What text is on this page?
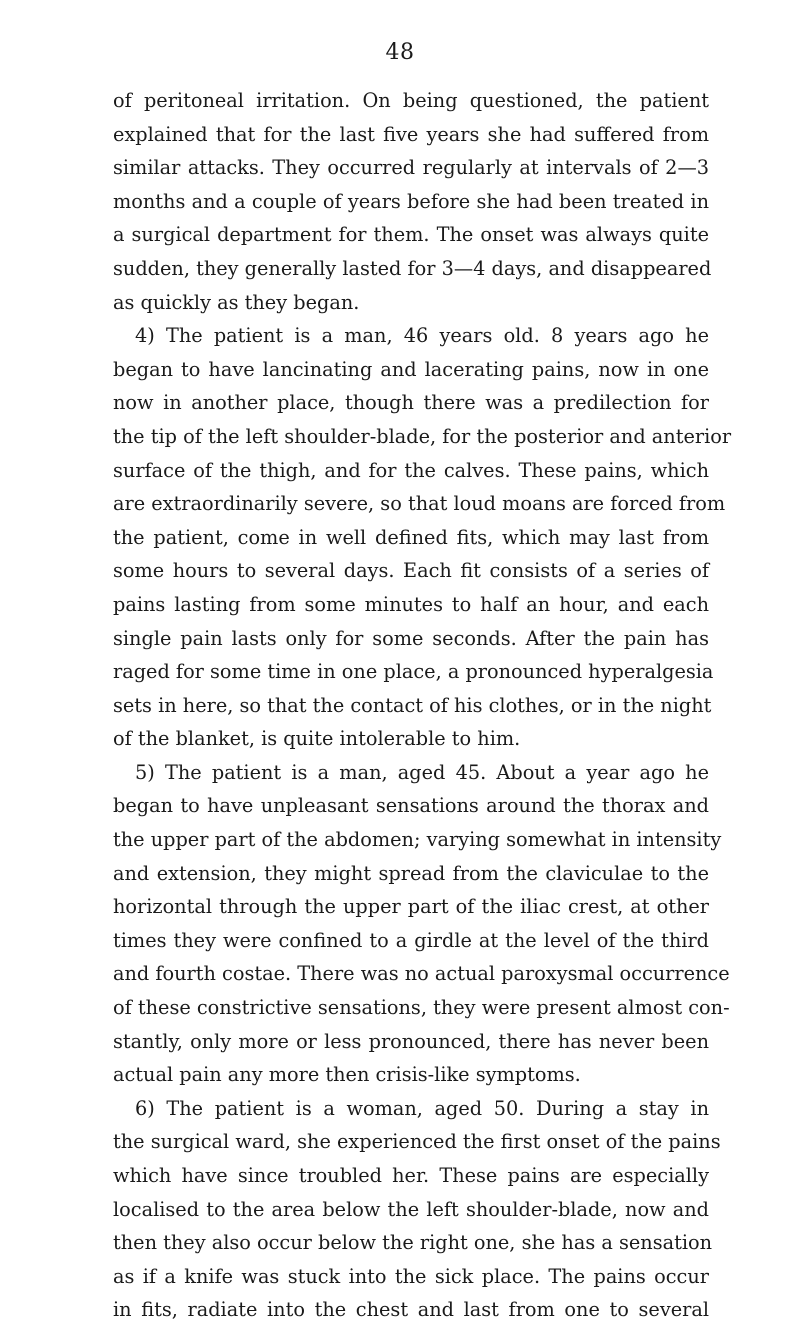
48
of peritoneal irritation. On being questioned, the patient
explained that for the last five years she had suffered from
similar attacks. They occurred regularly at intervals of 2—3
months and a couple of years before she had been treated in
a surgical department for them. The onset was always quite
sudden, they generally lasted for 3—4 days, and disappeared
as quickly as they began.
4) The patient is a man, 46 years old. 8 years ago he
began to have lancinating and lacerating pains, now in one
now in another place, though there was a predilection for
the tip of the left shoulder-blade, for the posterior and anterior
surface of the thigh, and for the calves. These pains, which
are extraordinarily severe, so that loud moans are forced from
the patient, come in well defined fits, which may last from
some hours to several days. Each fit consists of a series of
pains lasting from some minutes to half an hour, and each
single pain lasts only for some seconds. After the pain has
raged for some time in one place, a pronounced hyperalgesia
sets in here, so that the contact of his clothes, or in the night
of the blanket, is quite intolerable to him.
5) The patient is a man, aged 45. About a year ago he
began to have unpleasant sensations around the thorax and
the upper part of the abdomen; varying somewhat in intensity
and extension, they might spread from the claviculae to the
horizontal through the upper part of the iliac crest, at other
times they were confined to a girdle at the level of the third
and fourth costae. There was no actual paroxysmal occurrence
of these constrictive sensations, they were present almost con-
stantly, only more or less pronounced, there has never been
actual pain any more then crisis-like symptoms.
6) The patient is a woman, aged 50. During a stay in
the surgical ward, she experienced the first onset of the pains
which have since troubled her. These pains are especially
localised to the area below the left shoulder-blade, now and
then they also occur below the right one, she has a sensation
as if a knife was stuck into the sick place. The pains occur
in fits, radiate into the chest and last from one to several
